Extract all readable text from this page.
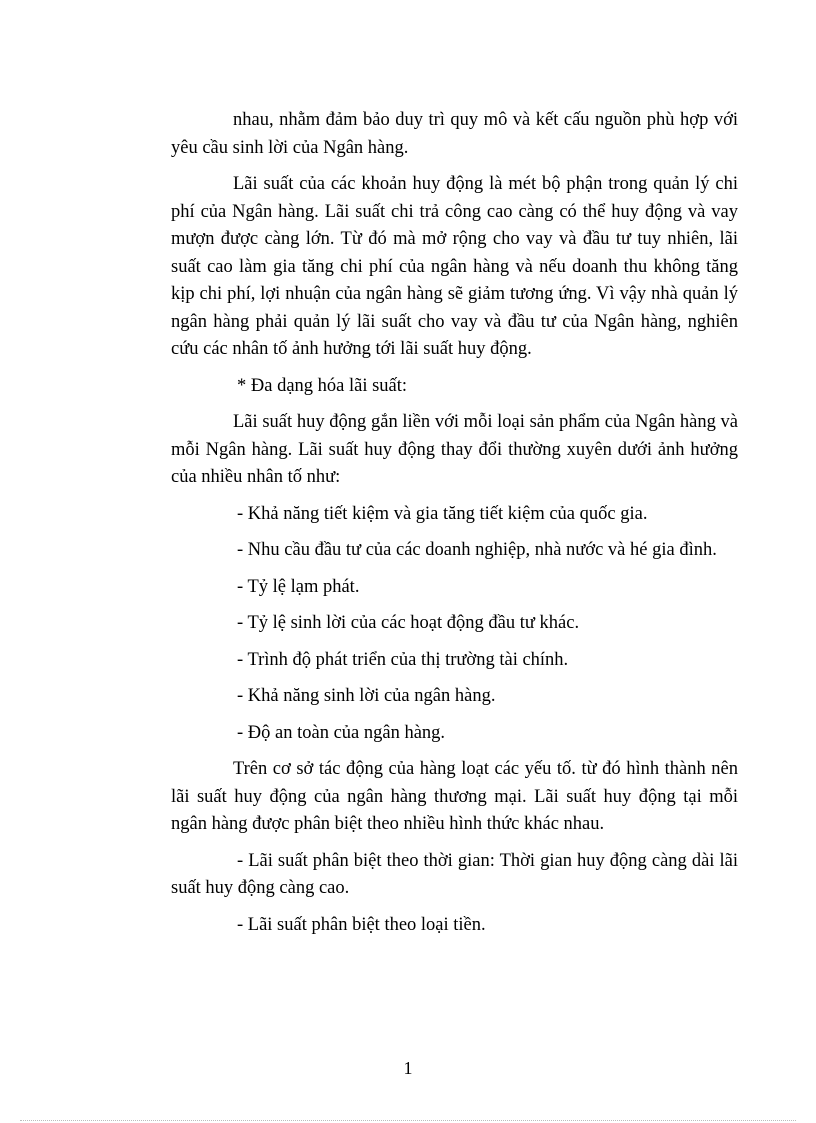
nhau, nhằm đảm bảo duy trì quy mô và kết cấu nguồn phù hợp với yêu cầu sinh lời của Ngân hàng.

Lãi suất của các khoản huy động là mét bộ phận trong quản lý chi phí của Ngân hàng. Lãi suất chi trả công cao càng có thể huy động và vay mượn được càng lớn. Từ đó mà mở rộng cho vay và đầu tư tuy nhiên, lãi suất cao làm gia tăng chi phí của ngân hàng và nếu doanh thu không tăng kịp chi phí, lợi nhuận của ngân hàng sẽ giảm tương ứng. Vì vậy nhà quản lý ngân hàng phải quản lý lãi suất cho vay và đầu tư của Ngân hàng, nghiên cứu các nhân tố ảnh hưởng tới lãi suất huy động.

* Đa dạng hóa lãi suất:

Lãi suất huy động gắn liền với mỗi loại sản phẩm của Ngân hàng và mỗi Ngân hàng. Lãi suất huy động thay đổi thường xuyên dưới ảnh hưởng của nhiều nhân tố như:

- Khả năng tiết kiệm và gia tăng tiết kiệm của quốc gia.

- Nhu cầu đầu tư của các doanh nghiệp, nhà nước và hé gia đình.

- Tỷ lệ lạm phát.

- Tỷ lệ sinh lời của các hoạt động đầu tư khác.

- Trình độ phát triển của thị trường tài chính.

- Khả năng sinh lời của ngân hàng.

- Độ an toàn của ngân hàng.

Trên cơ sở tác động của hàng loạt các yếu tố. từ đó hình thành nên lãi suất huy động của ngân hàng thương mại. Lãi suất huy động tại mỗi ngân hàng được phân biệt theo nhiều hình thức khác nhau.

- Lãi suất phân biệt theo thời gian: Thời gian huy động càng dài lãi suất huy động càng cao.

- Lãi suất phân biệt theo loại tiền.

1
